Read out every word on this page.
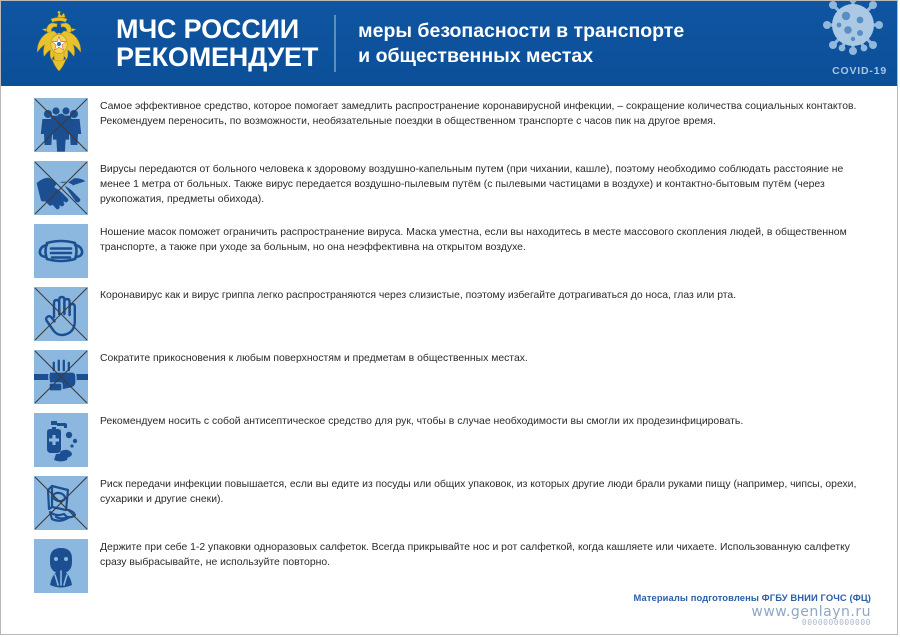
МЧС РОССИИ
РЕКОМЕНДУЕТ
меры безопасности в транспорте
и общественных местах
COVID-19

Самое эффективное средство, которое помогает замедлить распространение коронавирусной инфекции, – сокращение количества социальных контактов. Рекомендуем переносить, по возможности, необязательные поездки в общественном транспорте с часов пик на другое время.

Вирусы передаются от больного человека к здоровому воздушно-капельным путем (при чихании, кашле), поэтому необходимо соблюдать расстояние не менее 1 метра от больных. Также вирус передается воздушно-пылевым путём (с пылевыми частицами в воздухе) и контактно-бытовым путём (через рукопожатия, предметы обихода).

Ношение масок поможет ограничить распространение вируса. Маска уместна, если вы находитесь в месте массового скопления людей, в общественном транспорте, а также при уходе за больным, но она неэффективна на открытом воздухе.

Коронавирус как и вирус гриппа легко распространяются через слизистые, поэтому избегайте дотрагиваться до носа, глаз или рта.

Сократите прикосновения к любым поверхностям и предметам в общественных местах.

Рекомендуем носить с собой антисептическое средство для рук, чтобы в случае необходимости вы смогли их продезинфицировать.

Риск передачи инфекции повышается, если вы едите из посуды или общих упаковок, из которых другие люди брали руками пищу (например, чипсы, орехи, сухарики и другие снеки).

Держите при себе 1-2 упаковки одноразовых салфеток. Всегда прикрывайте нос и рот салфеткой, когда кашляете или чихаете. Использованную салфетку сразу выбрасывайте, не используйте повторно.

Материалы подготовлены ФГБУ ВНИИ ГОЧС (ФЦ)
www.genlayn.ru
0000000000000
